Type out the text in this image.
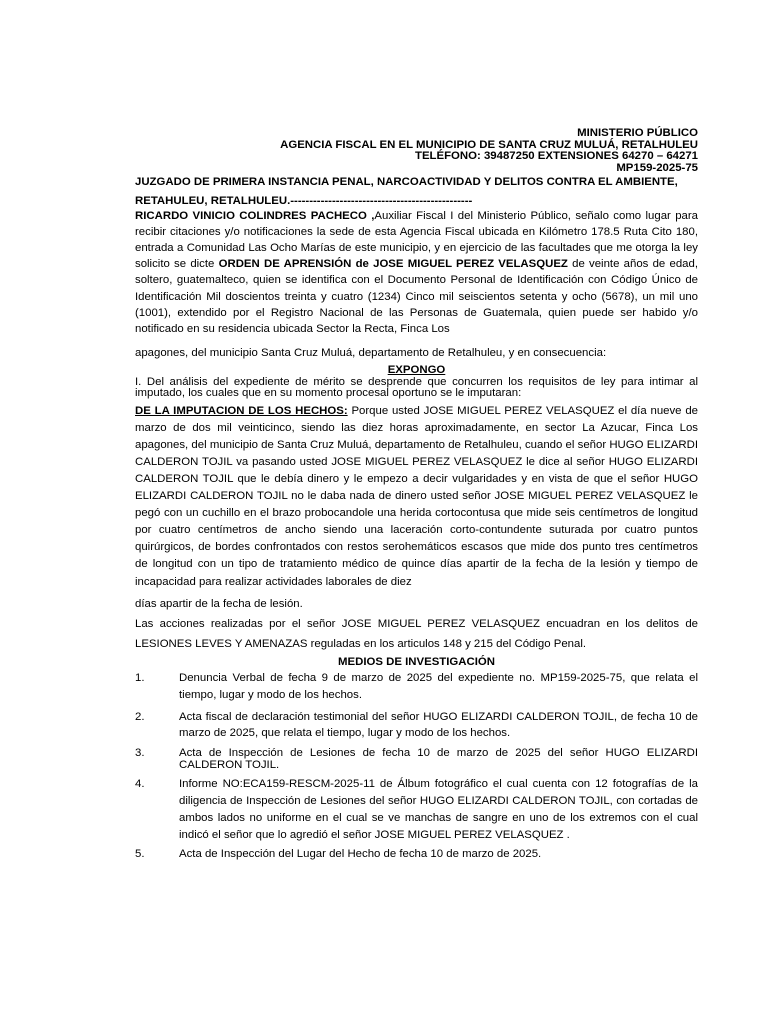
MINISTERIO PÚBLICO
AGENCIA FISCAL EN EL MUNICIPIO DE SANTA CRUZ MULUÁ, RETALHULEU
TELÉFONO: 39487250 EXTENSIONES 64270 – 64271
MP159-2025-75
JUZGADO DE PRIMERA INSTANCIA PENAL, NARCOACTIVIDAD Y DELITOS CONTRA EL AMBIENTE,
RETAHULEU, RETALHULEU.------------------------------------------------
RICARDO VINICIO COLINDRES PACHECO ,Auxiliar Fiscal I del Ministerio Público, señalo como lugar para recibir citaciones y/o notificaciones la sede de esta Agencia Fiscal ubicada en Kilómetro 178.5 Ruta Cito 180, entrada a Comunidad Las Ocho Marías de este municipio, y en ejercicio de las facultades que me otorga la ley solicito se dicte ORDEN DE APRENSIÓN de JOSE MIGUEL PEREZ VELASQUEZ de veinte años de edad, soltero, guatemalteco, quien se identifica con el Documento Personal de Identificación con Código Único de Identificación Mil doscientos treinta y cuatro (1234) Cinco mil seiscientos setenta y ocho (5678), un mil uno (1001), extendido por el Registro Nacional de las Personas de Guatemala, quien puede ser habido y/o notificado en su residencia ubicada Sector la Recta, Finca Los
apagones, del municipio Santa Cruz Muluá, departamento de Retalhuleu, y en consecuencia:
EXPONGO
I. Del análisis del expediente de mérito se desprende que concurren los requisitos de ley para intimar al imputado, los cuales que en su momento procesal oportuno se le imputaran:
DE LA IMPUTACION DE LOS HECHOS: Porque usted JOSE MIGUEL PEREZ VELASQUEZ el día nueve de marzo de dos mil veinticinco, siendo las diez horas aproximadamente, en sector La Azucar, Finca Los apagones, del municipio de Santa Cruz Muluá, departamento de Retalhuleu, cuando el señor HUGO ELIZARDI CALDERON TOJIL va pasando usted JOSE MIGUEL PEREZ VELASQUEZ le dice al señor HUGO ELIZARDI CALDERON TOJIL que le debía dinero y le empezo a decir vulgaridades y en vista de que el señor HUGO ELIZARDI CALDERON TOJIL no le daba nada de dinero usted señor JOSE MIGUEL PEREZ VELASQUEZ le pegó con un cuchillo en el brazo probocandole una herida cortocontusa que mide seis centímetros de longitud por cuatro centímetros de ancho siendo una laceración corto-contundente suturada por cuatro puntos quirúrgicos, de bordes confrontados con restos serohemáticos escasos que mide dos punto tres centímetros de longitud con un tipo de tratamiento médico de quince días apartir de la fecha de la lesión y tiempo de incapacidad para realizar actividades laborales de diez
días apartir de la fecha de lesión.
Las acciones realizadas por el señor JOSE MIGUEL PEREZ VELASQUEZ encuadran en los delitos de LESIONES LEVES Y AMENAZAS reguladas en los articulos 148 y 215 del Código Penal.
MEDIOS DE INVESTIGACIÓN
1.	Denuncia Verbal de fecha 9 de marzo de 2025 del expediente no. MP159-2025-75, que relata el tiempo, lugar y modo de los hechos.
2.	Acta fiscal de declaración testimonial del señor HUGO ELIZARDI CALDERON TOJIL, de fecha 10 de marzo de 2025, que relata el tiempo, lugar y modo de los hechos.
3.	Acta de Inspección de Lesiones de fecha 10 de marzo de 2025 del señor HUGO ELIZARDI CALDERON TOJIL.
4.	Informe NO:ECA159-RESCM-2025-11 de Álbum fotográfico el cual cuenta con 12 fotografías de la diligencia de Inspección de Lesiones del señor HUGO ELIZARDI CALDERON TOJIL, con cortadas de ambos lados no uniforme en el cual se ve manchas de sangre en uno de los extremos con el cual indicó el señor que lo agredió el señor JOSE MIGUEL PEREZ VELASQUEZ .
5.	Acta de Inspección del Lugar del Hecho de fecha 10 de marzo de 2025.
